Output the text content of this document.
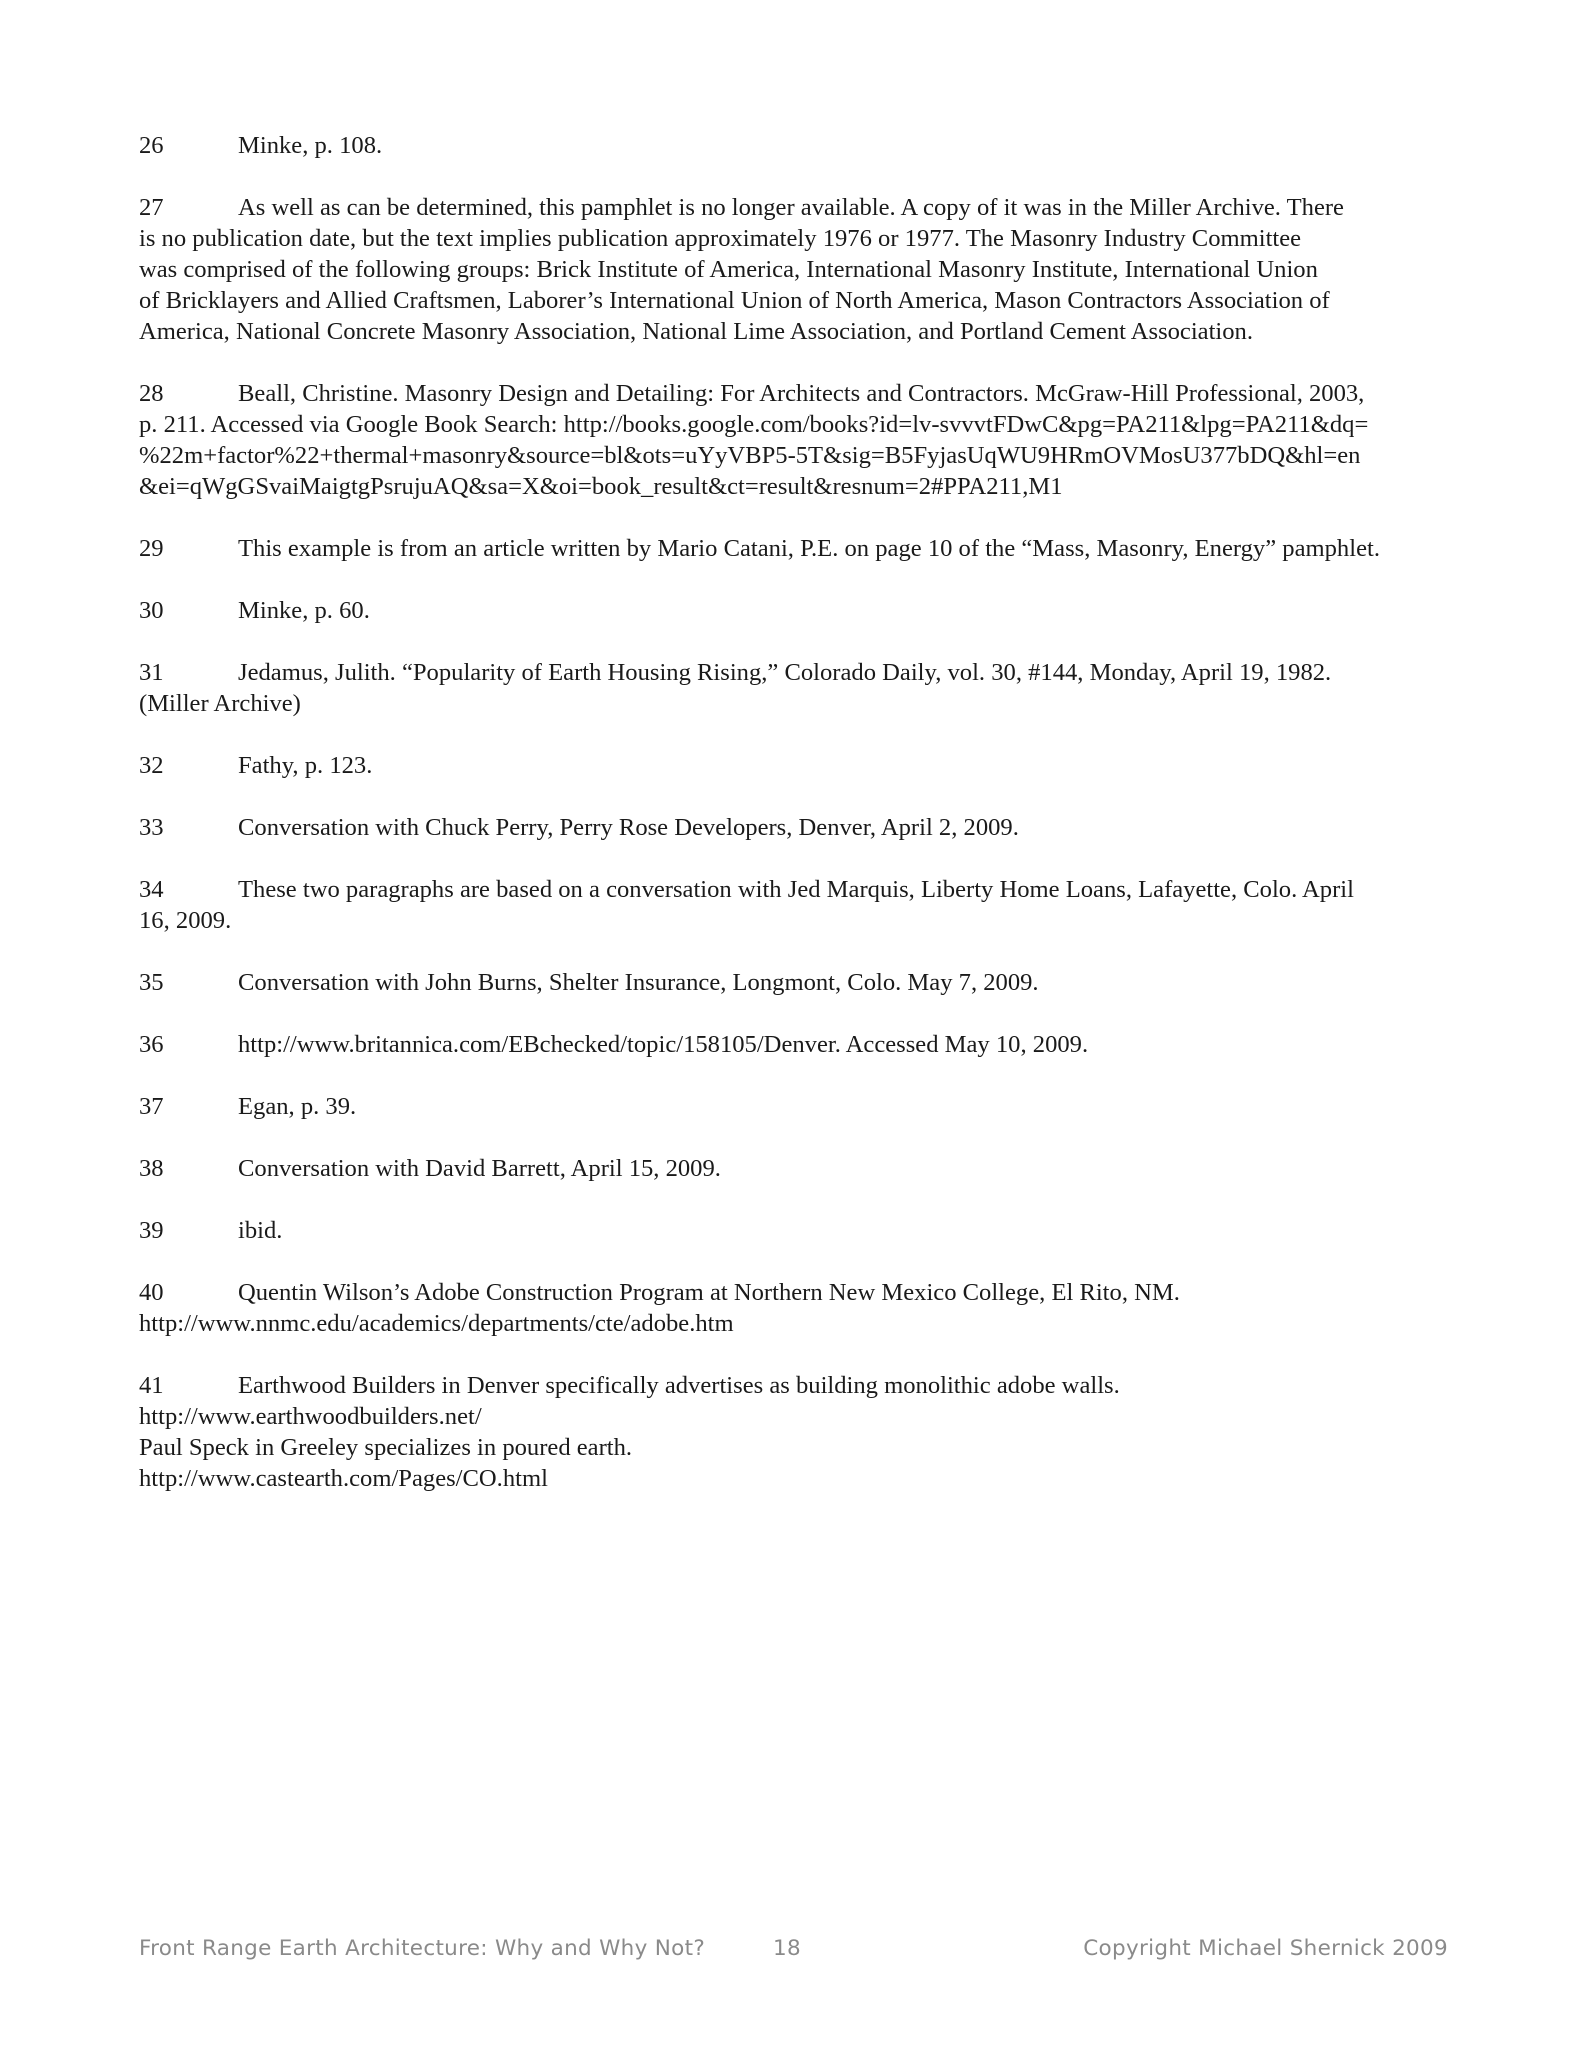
26	Minke, p. 108.
27	As well as can be determined, this pamphlet is no longer available. A copy of it was in the Miller Archive. There
is no publication date, but the text implies publication approximately 1976 or 1977. The Masonry Industry Committee
was comprised of the following groups: Brick Institute of America, International Masonry Institute, International Union
of Bricklayers and Allied Craftsmen, Laborer’s International Union of North America, Mason Contractors Association of
America, National Concrete Masonry Association, National Lime Association, and Portland Cement Association.
28	Beall, Christine. Masonry Design and Detailing: For Architects and Contractors. McGraw-Hill Professional, 2003,
p. 211. Accessed via Google Book Search: http://books.google.com/books?id=lv-svvvtFDwC&pg=PA211&lpg=PA211&dq=
%22m+factor%22+thermal+masonry&source=bl&ots=uYyVBP5-5T&sig=B5FyjasUqWU9HRmOVMosU377bDQ&hl=en
&ei=qWgGSvaiMaigtgPsrujuAQ&sa=X&oi=book_result&ct=result&resnum=2#PPA211,M1
29	This example is from an article written by Mario Catani, P.E. on page 10 of the “Mass, Masonry, Energy” pamphlet.
30	Minke, p. 60.
31	Jedamus, Julith. “Popularity of Earth Housing Rising,” Colorado Daily, vol. 30, #144, Monday, April 19, 1982.
(Miller Archive)
32	Fathy, p. 123.
33	Conversation with Chuck Perry, Perry Rose Developers, Denver, April 2, 2009.
34	These two paragraphs are based on a conversation with Jed Marquis, Liberty Home Loans, Lafayette, Colo. April
16, 2009.
35	Conversation with John Burns, Shelter Insurance, Longmont, Colo. May 7, 2009.
36	http://www.britannica.com/EBchecked/topic/158105/Denver. Accessed May 10, 2009.
37	Egan, p. 39.
38	Conversation with David Barrett, April 15, 2009.
39	ibid.
40	Quentin Wilson’s Adobe Construction Program at Northern New Mexico College, El Rito, NM.
http://www.nnmc.edu/academics/departments/cte/adobe.htm
41	Earthwood Builders in Denver specifically advertises as building monolithic adobe walls.
http://www.earthwoodbuilders.net/
Paul Speck in Greeley specializes in poured earth.
http://www.castearth.com/Pages/CO.html
Front Range Earth Architecture: Why and Why Not?	18	Copyright Michael Shernick 2009
